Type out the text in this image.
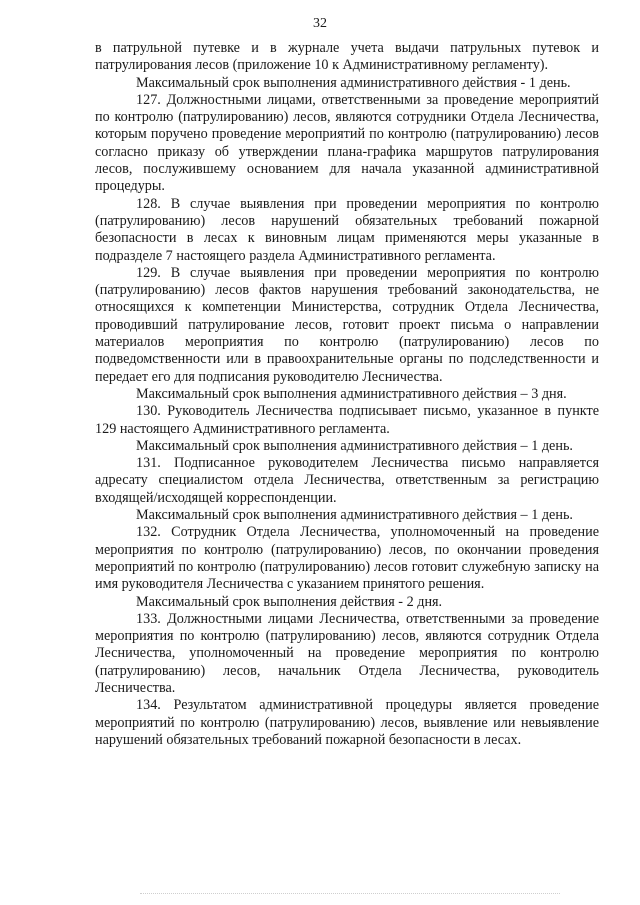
32

в патрульной путевке и в журнале учета выдачи патрульных путевок и патрулирования лесов (приложение 10 к Административному регламенту).

Максимальный срок выполнения административного действия - 1 день.

127. Должностными лицами, ответственными за проведение мероприятий по контролю (патрулированию) лесов, являются сотрудники Отдела Лесничества, которым поручено проведение мероприятий по контролю (патрулированию) лесов согласно приказу об утверждении плана-графика маршрутов патрулирования лесов, послужившему основанием для начала указанной административной процедуры.

128. В случае выявления при проведении мероприятия по контролю (патрулированию) лесов нарушений обязательных требований пожарной безопасности в лесах к виновным лицам применяются меры указанные в подразделе 7 настоящего раздела Административного регламента.

129. В случае выявления при проведении мероприятия по контролю (патрулированию) лесов фактов нарушения требований законодательства, не относящихся к компетенции Министерства, сотрудник Отдела Лесничества, проводивший патрулирование лесов, готовит проект письма о направлении материалов мероприятия по контролю (патрулированию) лесов по подведомственности или в правоохранительные органы по подследственности и передает его для подписания руководителю Лесничества.

Максимальный срок выполнения административного действия – 3 дня.

130. Руководитель Лесничества подписывает письмо, указанное в пункте 129 настоящего Административного регламента.

Максимальный срок выполнения административного действия – 1 день.

131. Подписанное руководителем Лесничества письмо направляется адресату специалистом отдела Лесничества, ответственным за регистрацию входящей/исходящей корреспонденции.

Максимальный срок выполнения административного действия – 1 день.

132. Сотрудник Отдела Лесничества, уполномоченный на проведение мероприятия по контролю (патрулированию) лесов, по окончании проведения мероприятий по контролю (патрулированию) лесов готовит служебную записку на имя руководителя Лесничества с указанием принятого решения.

Максимальный срок выполнения действия - 2 дня.

133. Должностными лицами Лесничества, ответственными за проведение мероприятия по контролю (патрулированию) лесов, являются сотрудник Отдела Лесничества, уполномоченный на проведение мероприятия по контролю (патрулированию) лесов, начальник Отдела Лесничества, руководитель Лесничества.

134. Результатом административной процедуры является проведение мероприятий по контролю (патрулированию) лесов, выявление или невыявление нарушений обязательных требований пожарной безопасности в лесах.
